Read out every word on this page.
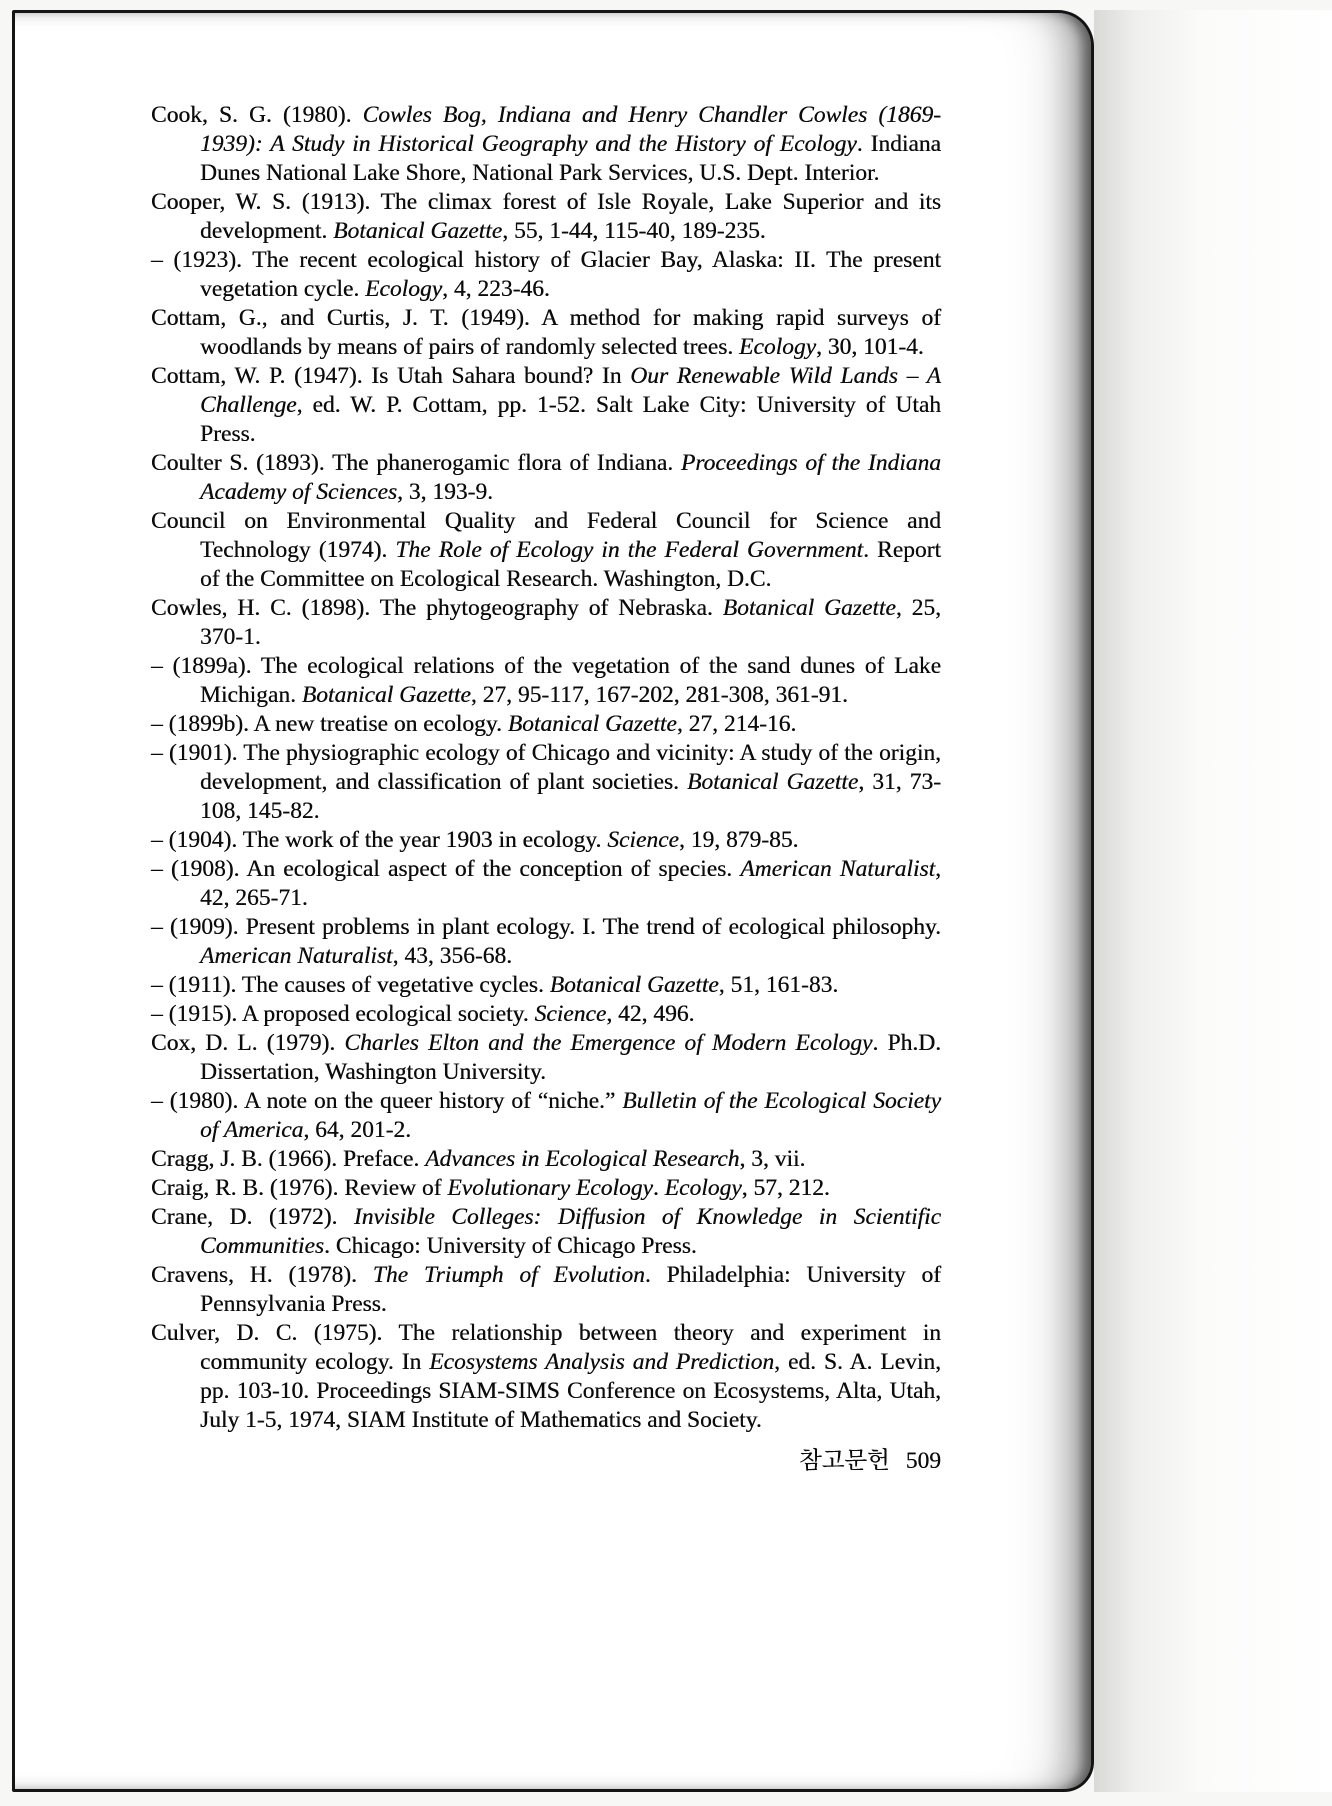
Cook, S. G. (1980). Cowles Bog, Indiana and Henry Chandler Cowles (1869-1939): A Study in Historical Geography and the History of Ecology. Indiana Dunes National Lake Shore, National Park Services, U.S. Dept. Interior.

Cooper, W. S. (1913). The climax forest of Isle Royale, Lake Superior and its development. Botanical Gazette, 55, 1-44, 115-40, 189-235.

– (1923). The recent ecological history of Glacier Bay, Alaska: II. The present vegetation cycle. Ecology, 4, 223-46.

Cottam, G., and Curtis, J. T. (1949). A method for making rapid surveys of woodlands by means of pairs of randomly selected trees. Ecology, 30, 101-4.

Cottam, W. P. (1947). Is Utah Sahara bound? In Our Renewable Wild Lands – A Challenge, ed. W. P. Cottam, pp. 1-52. Salt Lake City: University of Utah Press.

Coulter S. (1893). The phanerogamic flora of Indiana. Proceedings of the Indiana Academy of Sciences, 3, 193-9.

Council on Environmental Quality and Federal Council for Science and Technology (1974). The Role of Ecology in the Federal Government. Report of the Committee on Ecological Research. Washington, D.C.

Cowles, H. C. (1898). The phytogeography of Nebraska. Botanical Gazette, 25, 370-1.

– (1899a). The ecological relations of the vegetation of the sand dunes of Lake Michigan. Botanical Gazette, 27, 95-117, 167-202, 281-308, 361-91.

– (1899b). A new treatise on ecology. Botanical Gazette, 27, 214-16.

– (1901). The physiographic ecology of Chicago and vicinity: A study of the origin, development, and classification of plant societies. Botanical Gazette, 31, 73-108, 145-82.

– (1904). The work of the year 1903 in ecology. Science, 19, 879-85.

– (1908). An ecological aspect of the conception of species. American Naturalist, 42, 265-71.

– (1909). Present problems in plant ecology. I. The trend of ecological philosophy. American Naturalist, 43, 356-68.

– (1911). The causes of vegetative cycles. Botanical Gazette, 51, 161-83.

– (1915). A proposed ecological society. Science, 42, 496.

Cox, D. L. (1979). Charles Elton and the Emergence of Modern Ecology. Ph.D. Dissertation, Washington University.

– (1980). A note on the queer history of “niche.” Bulletin of the Ecological Society of America, 64, 201-2.

Cragg, J. B. (1966). Preface. Advances in Ecological Research, 3, vii.

Craig, R. B. (1976). Review of Evolutionary Ecology. Ecology, 57, 212.

Crane, D. (1972). Invisible Colleges: Diffusion of Knowledge in Scientific Communities. Chicago: University of Chicago Press.

Cravens, H. (1978). The Triumph of Evolution. Philadelphia: University of Pennsylvania Press.

Culver, D. C. (1975). The relationship between theory and experiment in community ecology. In Ecosystems Analysis and Prediction, ed. S. A. Levin, pp. 103-10. Proceedings SIAM-SIMS Conference on Ecosystems, Alta, Utah, July 1-5, 1974, SIAM Institute of Mathematics and Society.

참고문헌 509
